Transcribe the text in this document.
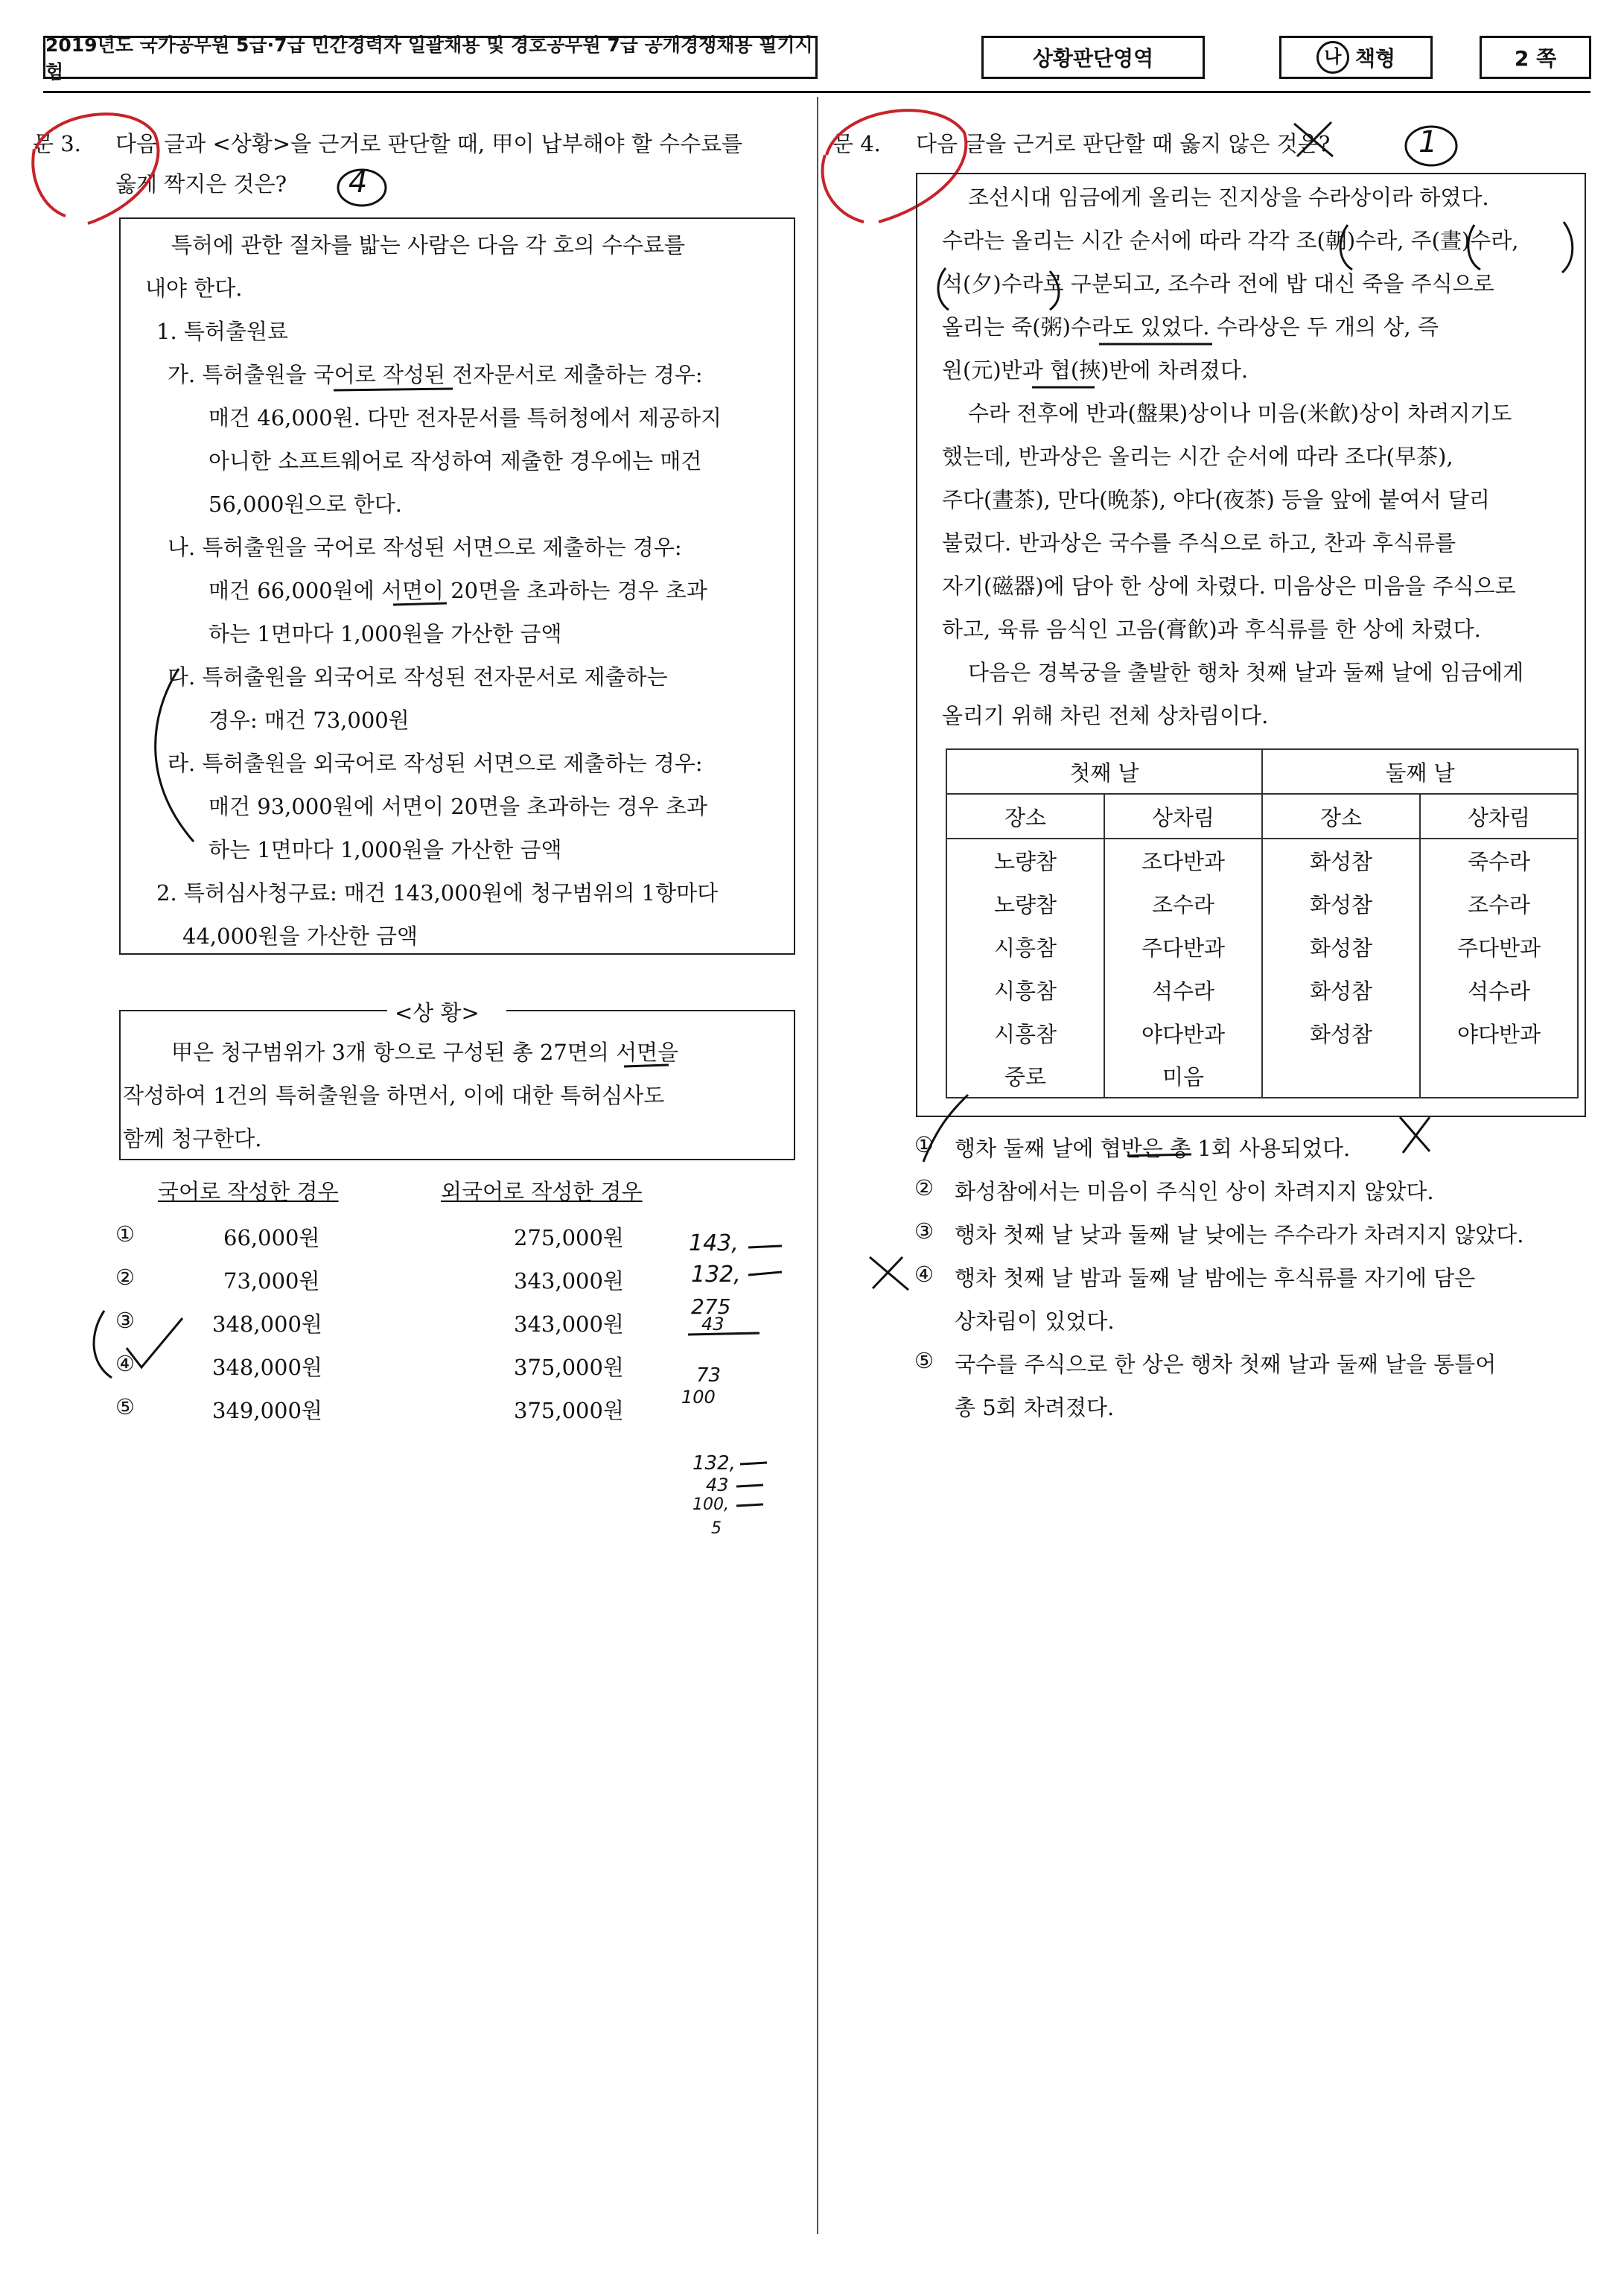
2019년도 국가공무원 5급·7급 민간경력자 일괄채용 및 경호공무원 7급 공개경쟁채용 필기시험
상황판단영역	나 책형	2 쪽
문 3. 다음 글과 <상황>을 근거로 판단할 때, 甲이 납부해야 할 수수료를
옳게 짝지은 것은? 4
특허에 관한 절차를 밟는 사람은 다음 각 호의 수수료를
내야 한다.
1. 특허출원료
가. 특허출원을 국어로 작성된 전자문서로 제출하는 경우:
매건 46,000원. 다만 전자문서를 특허청에서 제공하지
아니한 소프트웨어로 작성하여 제출한 경우에는 매건
56,000원으로 한다.
나. 특허출원을 국어로 작성된 서면으로 제출하는 경우:
매건 66,000원에 서면이 20면을 초과하는 경우 초과
하는 1면마다 1,000원을 가산한 금액
다. 특허출원을 외국어로 작성된 전자문서로 제출하는
경우: 매건 73,000원
라. 특허출원을 외국어로 작성된 서면으로 제출하는 경우:
매건 93,000원에 서면이 20면을 초과하는 경우 초과
하는 1면마다 1,000원을 가산한 금액
2. 특허심사청구료: 매건 143,000원에 청구범위의 1항마다
44,000원을 가산한 금액
<상 황>
甲은 청구범위가 3개 항으로 구성된 총 27면의 서면을
작성하여 1건의 특허출원을 하면서, 이에 대한 특허심사도
함께 청구한다.
국어로 작성한 경우	외국어로 작성한 경우
①	66,000원	275,000원
②	73,000원	343,000원
③	348,000원	343,000원
④	348,000원	375,000원
⑤	349,000원	375,000원
143,
132,
275
43
73
100
132,
43
100,
5
문 4. 다음 글을 근거로 판단할 때 옳지 않은 것은?	1
조선시대 임금에게 올리는 진지상을 수라상이라 하였다.
수라는 올리는 시간 순서에 따라 각각 조(朝)수라, 주(晝)수라,
석(夕)수라로 구분되고, 조수라 전에 밥 대신 죽을 주식으로
올리는 죽(粥)수라도 있었다. 수라상은 두 개의 상, 즉
원(元)반과 협(挾)반에 차려졌다.
수라 전후에 반과(盤果)상이나 미음(米飮)상이 차려지기도
했는데, 반과상은 올리는 시간 순서에 따라 조다(早茶),
주다(晝茶), 만다(晩茶), 야다(夜茶) 등을 앞에 붙여서 달리
불렀다. 반과상은 국수를 주식으로 하고, 찬과 후식류를
자기(磁器)에 담아 한 상에 차렸다. 미음상은 미음을 주식으로
하고, 육류 음식인 고음(膏飮)과 후식류를 한 상에 차렸다.
다음은 경복궁을 출발한 행차 첫째 날과 둘째 날에 임금에게
올리기 위해 차린 전체 상차림이다.
첫째 날		둘째 날	
장소	상차림	장소	상차림
노량참	조다반과	화성참	죽수라
노량참	조수라	화성참	조수라
시흥참	주다반과	화성참	주다반과
시흥참	석수라	화성참	석수라
시흥참	야다반과	화성참	야다반과
중로	미음		
① 행차 둘째 날에 협반은 총 1회 사용되었다.
② 화성참에서는 미음이 주식인 상이 차려지지 않았다.
③ 행차 첫째 날 낮과 둘째 날 낮에는 주수라가 차려지지 않았다.
④ 행차 첫째 날 밤과 둘째 날 밤에는 후식류를 자기에 담은
상차림이 있었다.
⑤ 국수를 주식으로 한 상은 행차 첫째 날과 둘째 날을 통틀어
총 5회 차려졌다.
